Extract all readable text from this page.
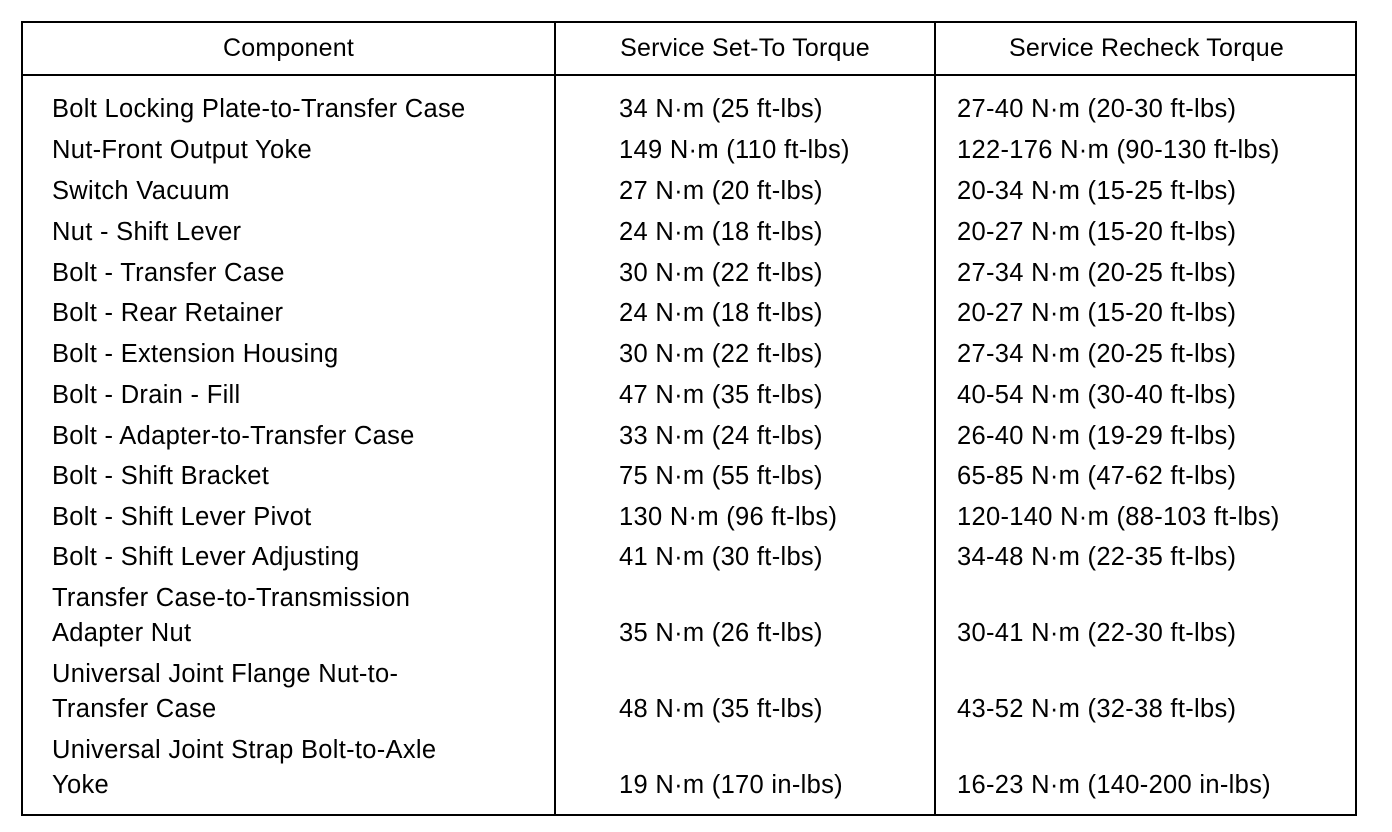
Component	Service Set-To Torque	Service Recheck Torque
Bolt Locking Plate-to-Transfer Case	34 N·m (25 ft-lbs)	27-40 N·m (20-30 ft-lbs)
Nut-Front Output Yoke	149 N·m (110 ft-lbs)	122-176 N·m (90-130 ft-lbs)
Switch Vacuum	27 N·m (20 ft-lbs)	20-34 N·m (15-25 ft-lbs)
Nut - Shift Lever	24 N·m (18 ft-lbs)	20-27 N·m (15-20 ft-lbs)
Bolt - Transfer Case	30 N·m (22 ft-lbs)	27-34 N·m (20-25 ft-lbs)
Bolt - Rear Retainer	24 N·m (18 ft-lbs)	20-27 N·m (15-20 ft-lbs)
Bolt - Extension Housing	30 N·m (22 ft-lbs)	27-34 N·m (20-25 ft-lbs)
Bolt - Drain - Fill	47 N·m (35 ft-lbs)	40-54 N·m (30-40 ft-lbs)
Bolt - Adapter-to-Transfer Case	33 N·m (24 ft-lbs)	26-40 N·m (19-29 ft-lbs)
Bolt - Shift Bracket	75 N·m (55 ft-lbs)	65-85 N·m (47-62 ft-lbs)
Bolt - Shift Lever Pivot	130 N·m (96 ft-lbs)	120-140 N·m (88-103 ft-lbs)
Bolt - Shift Lever Adjusting	41 N·m (30 ft-lbs)	34-48 N·m (22-35 ft-lbs)
Transfer Case-to-Transmission
Adapter Nut	35 N·m (26 ft-lbs)	30-41 N·m (22-30 ft-lbs)
Universal Joint Flange Nut-to-
Transfer Case	48 N·m (35 ft-lbs)	43-52 N·m (32-38 ft-lbs)
Universal Joint Strap Bolt-to-Axle
Yoke	19 N·m (170 in-lbs)	16-23 N·m (140-200 in-lbs)
